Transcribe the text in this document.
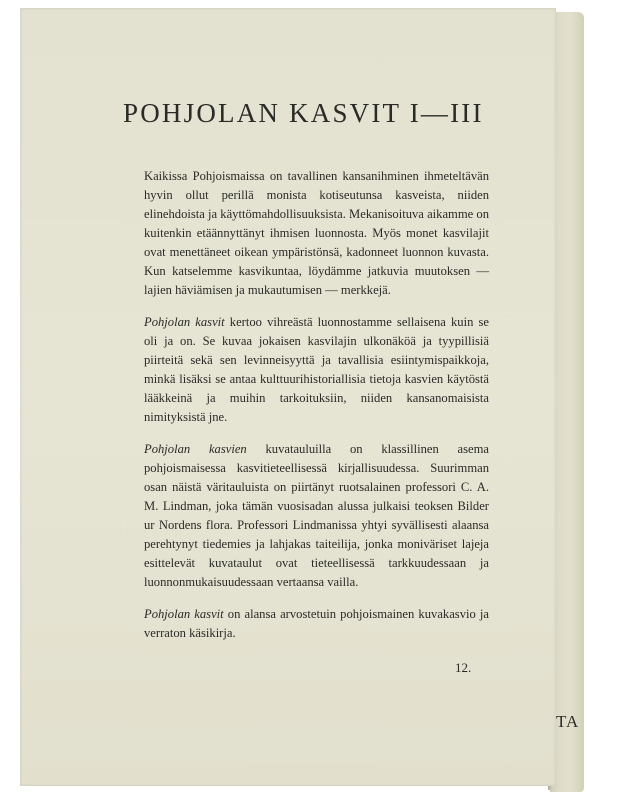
TA
POHJOLAN KASVIT I—III

Kaikissa Pohjoismaissa on tavallinen kansanihminen ihmeteltävän hyvin ollut perillä monista kotiseutunsa kasveista, niiden elinehdoista ja käyttömahdollisuuksista. Mekanisoituva aikamme on kuitenkin etäännyttänyt ihmisen luonnosta. Myös monet kasvilajit ovat menettäneet oikean ympäristönsä, kadonneet luonnon kuvasta. Kun katselemme kasvikuntaa, löydämme jatkuvia muutoksen — lajien häviämisen ja mukautumisen — merkkejä.

Pohjolan kasvit kertoo vihreästä luonnostamme sellaisena kuin se oli ja on. Se kuvaa jokaisen kasvilajin ulkonäköä ja tyypillisiä piirteitä sekä sen levinneisyyttä ja tavallisia esiintymispaikkoja, minkä lisäksi se antaa kulttuurihistoriallisia tietoja kasvien käytöstä lääkkeinä ja muihin tarkoituksiin, niiden kansanomaisista nimityksistä jne.

Pohjolan kasvien kuvatauluilla on klassillinen asema pohjoismaisessa kasvitieteellisessä kirjallisuudessa. Suurimman osan näistä väritauluista on piirtänyt ruotsalainen professori C. A. M. Lindman, joka tämän vuosisadan alussa julkaisi teoksen Bilder ur Nordens flora. Professori Lindmanissa yhtyi syvällisesti alaansa perehtynyt tiedemies ja lahjakas taiteilija, jonka moniväriset lajeja esittelevät kuvataulut ovat tieteellisessä tarkkuudessaan ja luonnonmukaisuudessaan vertaansa vailla.

Pohjolan kasvit on alansa arvostetuin pohjoismainen kuvakasvio ja verraton käsikirja.

12.
